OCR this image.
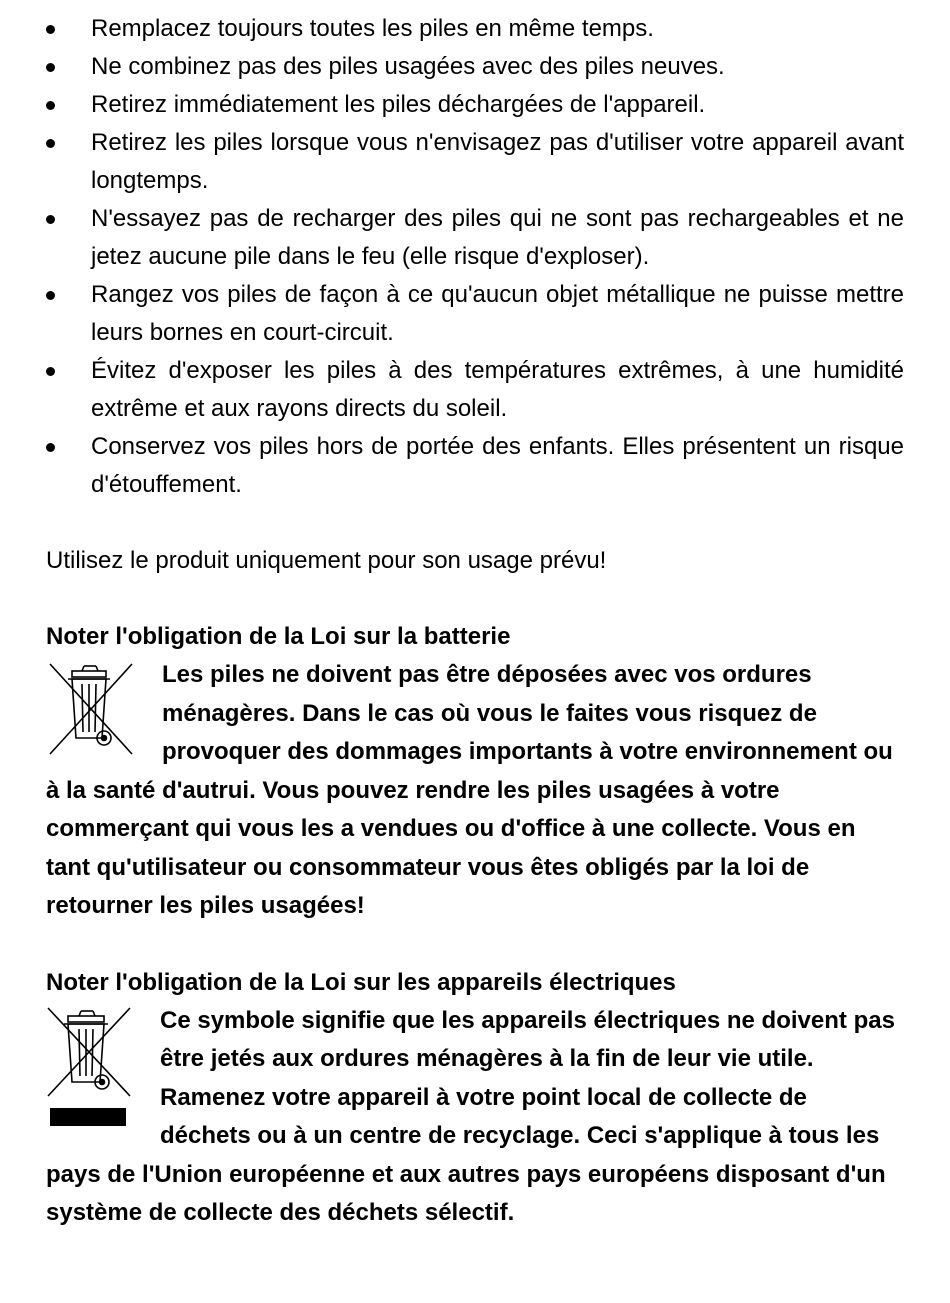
Remplacez toujours toutes les piles en même temps.
Ne combinez pas des piles usagées avec des piles neuves.
Retirez immédiatement les piles déchargées de l'appareil.
Retirez les piles lorsque vous n'envisagez pas d'utiliser votre appareil avant longtemps.
N'essayez pas de recharger des piles qui ne sont pas rechargeables et ne jetez aucune pile dans le feu (elle risque d'exploser).
Rangez vos piles de façon à ce qu'aucun objet métallique ne puisse mettre leurs bornes en court-circuit.
Évitez d'exposer les piles à des températures extrêmes, à une humidité extrême et aux rayons directs du soleil.
Conservez vos piles hors de portée des enfants. Elles présentent un risque d'étouffement.

Utilisez le produit uniquement pour son usage prévu!

Noter l'obligation de la Loi sur la batterie

Les piles ne doivent pas être déposées avec vos ordures ménagères. Dans le cas où vous le faites vous risquez de provoquer des dommages importants à votre environnement ou à la santé d'autrui. Vous pouvez rendre les piles usagées à votre commerçant qui vous les a vendues ou d'office à une collecte. Vous en tant qu'utilisateur ou consommateur vous êtes obligés par la loi de retourner les piles usagées!

Noter l'obligation de la Loi sur les appareils électriques

Ce symbole signifie que les appareils électriques ne doivent pas être jetés aux ordures ménagères à la fin de leur vie utile. Ramenez votre appareil à votre point local de collecte de déchets ou à un centre de recyclage. Ceci s'applique à tous les pays de l'Union européenne et aux autres pays européens disposant d'un système de collecte des déchets sélectif.
